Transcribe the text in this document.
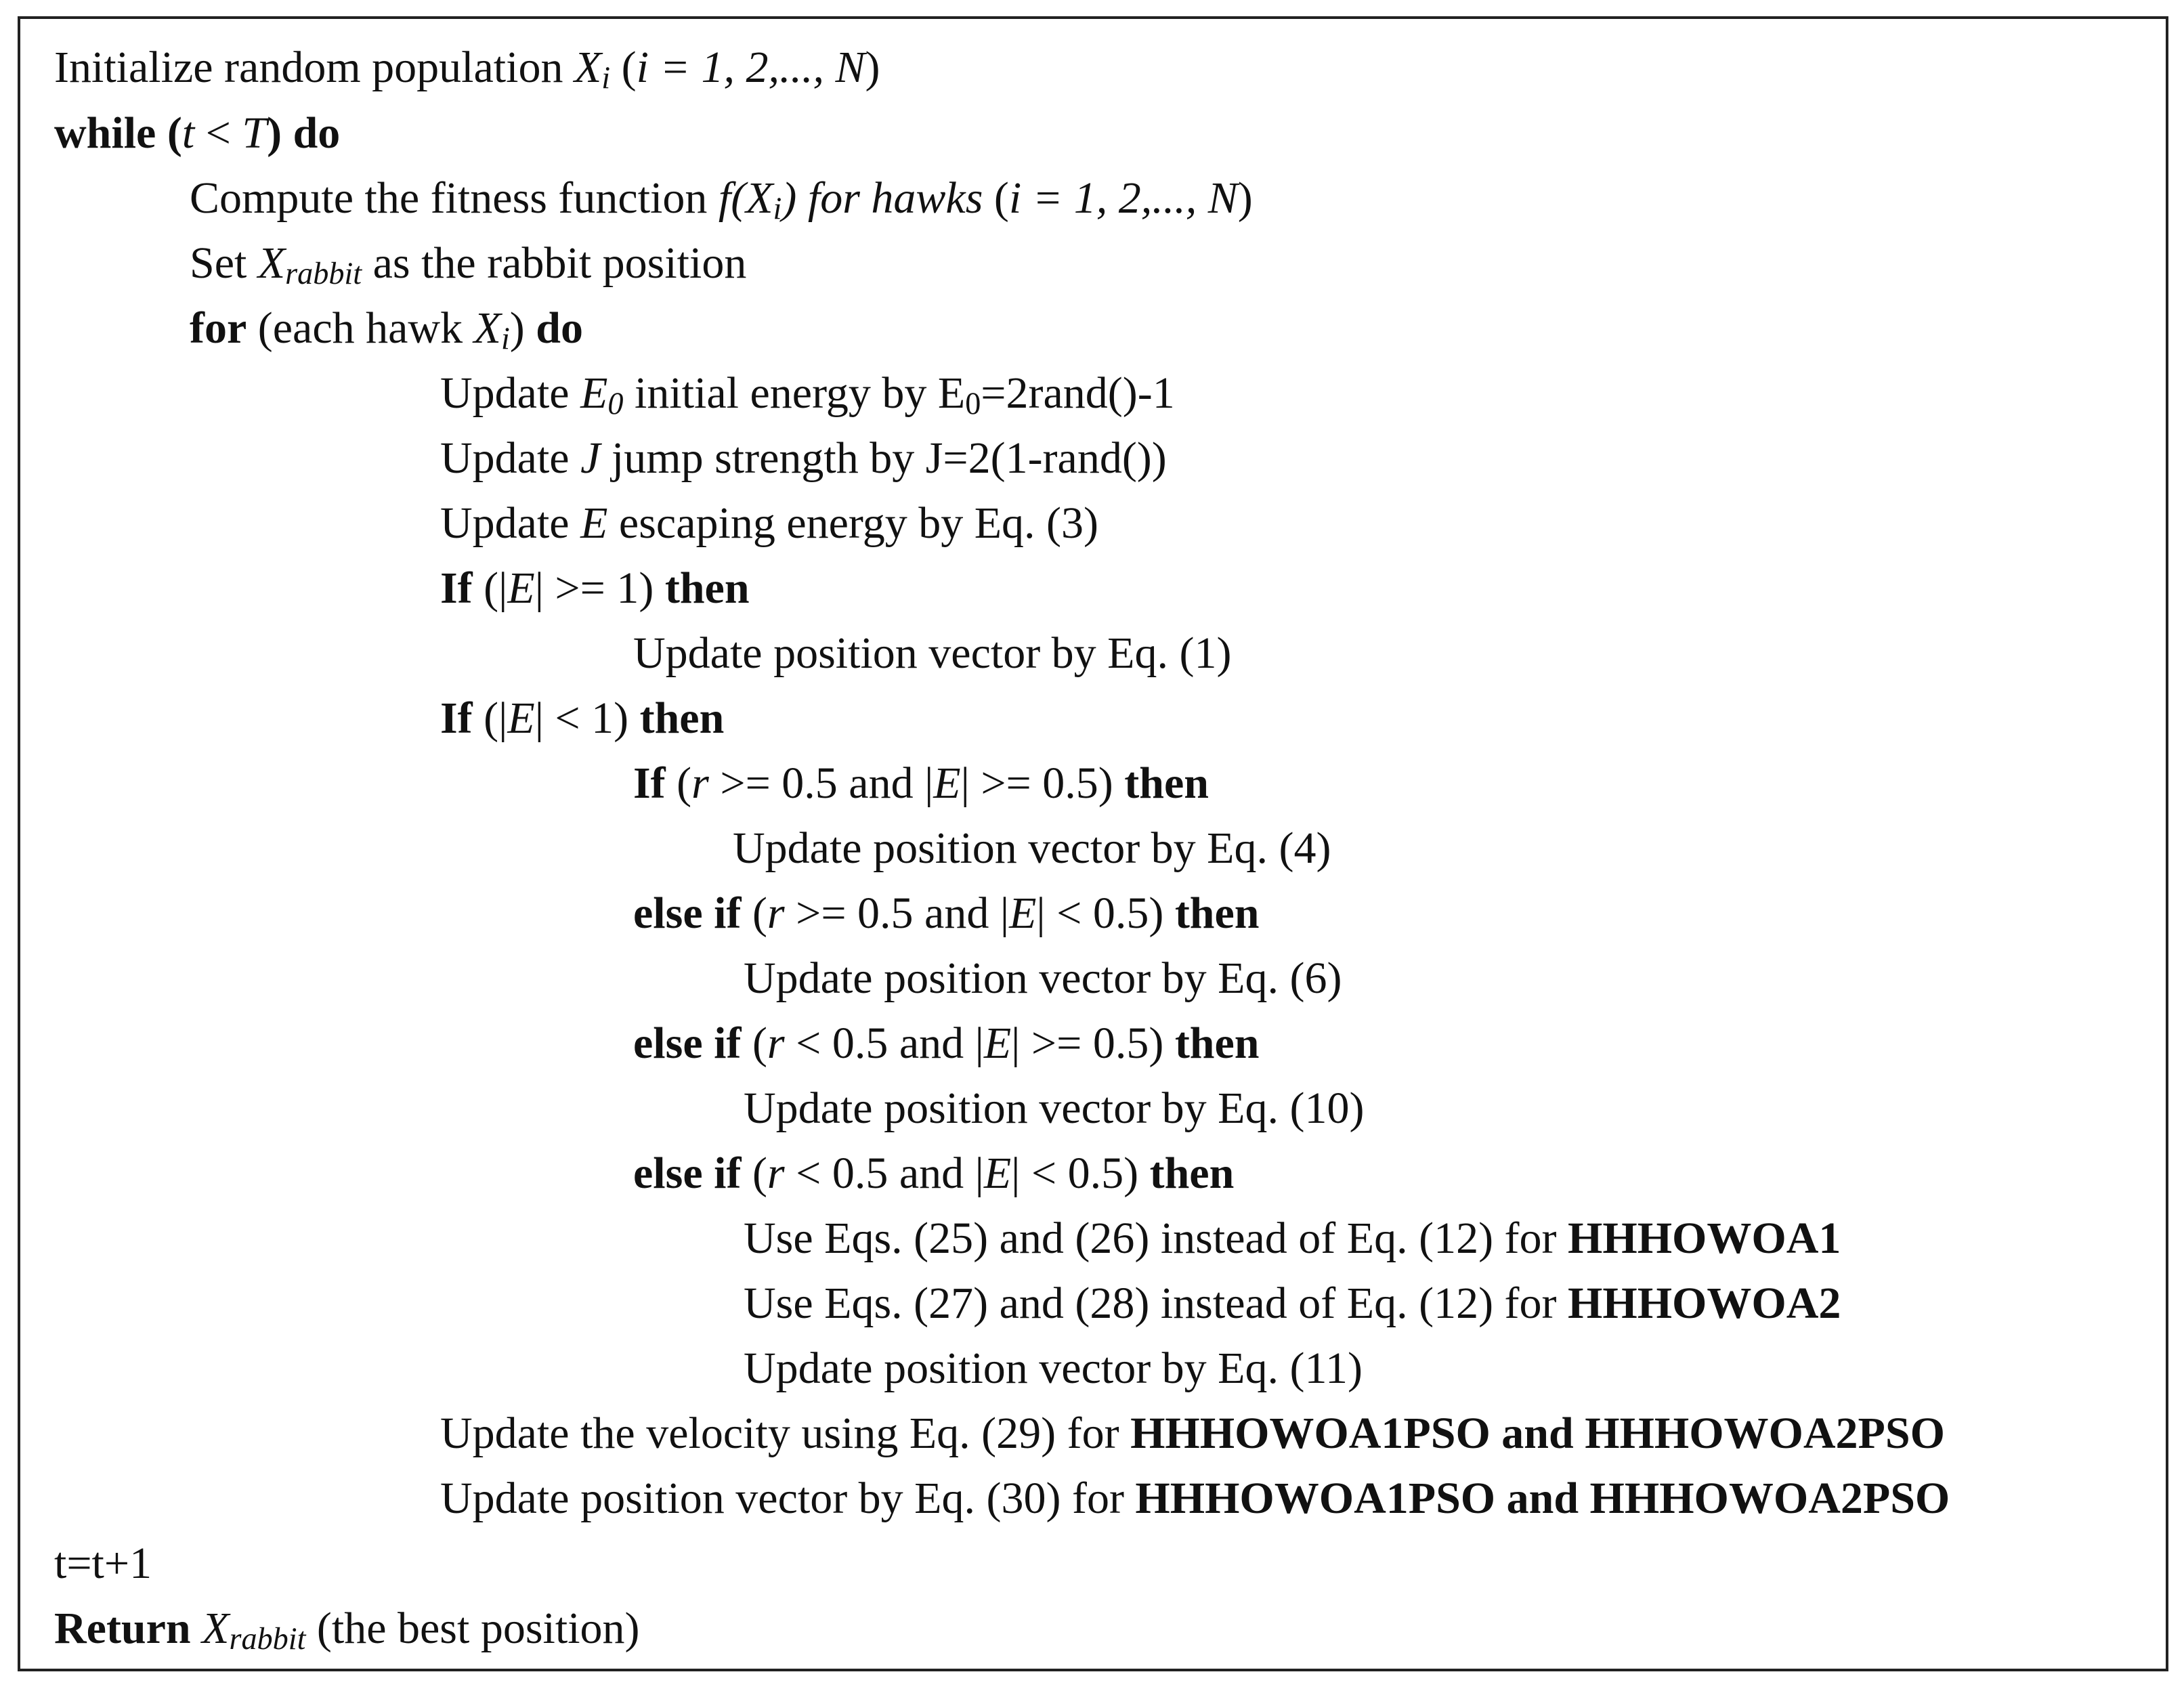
Initialize random population $X_i$ (i = 1, 2,..., N)
while (t < T) do
Compute the fitness function $f(X_i)$ for hawks (i = 1, 2,..., N)
Set $X_{rabbit}$ as the rabbit position
for (each hawk $X_i$) do
Update $E_0$ initial energy by $E_0=2rand()-1$
Update J jump strength by J=2(1-rand())
Update E escaping energy by Eq. (3)
If (|E| >= 1) then
Update position vector by Eq. (1)
If (|E| < 1) then
If (r >= 0.5 and |E| >= 0.5) then
Update position vector by Eq. (4)
else if (r >= 0.5 and |E| < 0.5) then
Update position vector by Eq. (6)
else if (r < 0.5 and |E| >= 0.5) then
Update position vector by Eq. (10)
else if (r < 0.5 and |E| < 0.5) then
Use Eqs. (25) and (26) instead of Eq. (12) for HHHOWOA1
Use Eqs. (27) and (28) instead of Eq. (12) for HHHOWOA2
Update position vector by Eq. (11)
Update the velocity using Eq. (29) for HHHOWOA1PSO and HHHOWOA2PSO
Update position vector by Eq. (30) for HHHOWOA1PSO and HHHOWOA2PSO
t=t+1
Return $X_{rabbit}$ (the best position)
